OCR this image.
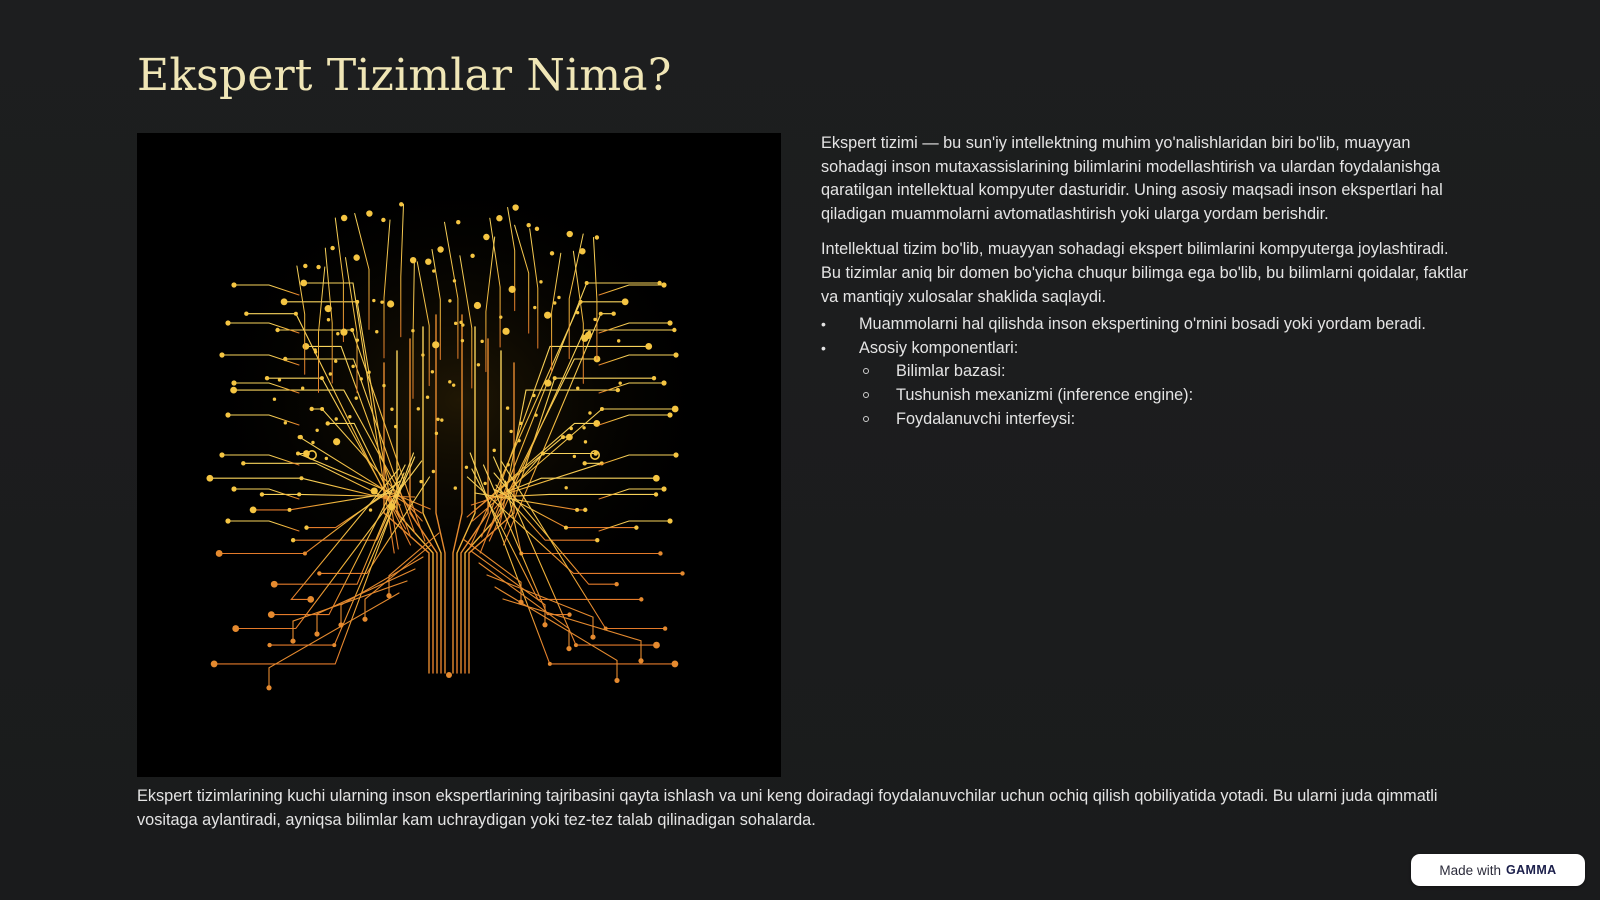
Ekspert Tizimlar Nima?

Ekspert tizimi — bu sun'iy intellektning muhim yo'nalishlaridan biri bo'lib, muayyan sohadagi inson mutaxassislarining bilimlarini modellashtirish va ulardan foydalanishga qaratilgan intellektual kompyuter dasturidir. Uning asosiy maqsadi inson ekspertlari hal qiladigan muammolarni avtomatlashtirish yoki ularga yordam berishdir.

Intellektual tizim bo'lib, muayyan sohadagi ekspert bilimlarini kompyuterga joylashtiradi. Bu tizimlar aniq bir domen bo'yicha chuqur bilimga ega bo'lib, bu bilimlarni qoidalar, faktlar va mantiqiy xulosalar shaklida saqlaydi.

• Muammolarni hal qilishda inson ekspertining o'rnini bosadi yoki yordam beradi.
• Asosiy komponentlari:
Bilimlar bazasi:
Tushunish mexanizmi (inference engine):
Foydalanuvchi interfeysi:

Ekspert tizimlarining kuchi ularning inson ekspertlarining tajribasini qayta ishlash va uni keng doiradagi foydalanuvchilar uchun ochiq qilish qobiliyatida yotadi. Bu ularni juda qimmatli vositaga aylantiradi, ayniqsa bilimlar kam uchraydigan yoki tez-tez talab qilinadigan sohalarda.

Made with GAMMA
